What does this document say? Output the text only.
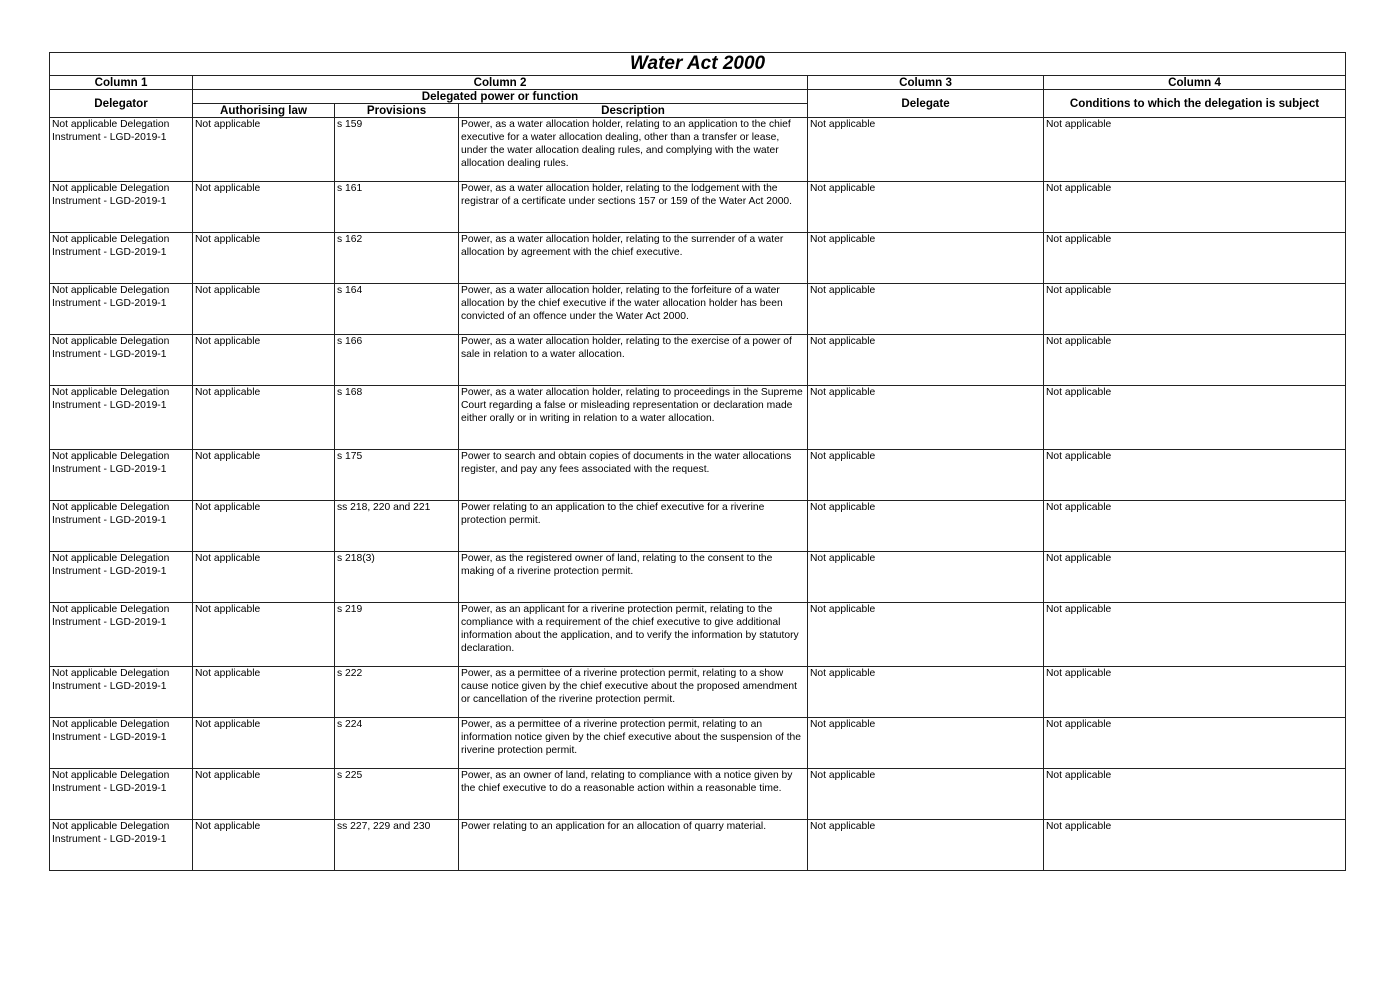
Water Act 2000					
Column 1	Column 2			Column 3	Column 4
Delegator	Delegated power or function			Delegate	Conditions to which the delegation is subject
	Authorising law	Provisions	Description		
Not applicable Delegation Instrument - LGD-2019-1	Not applicable	s 159	Power, as a water allocation holder, relating to an application to the chief executive for a water allocation dealing, other than a transfer or lease, under the water allocation dealing rules, and complying with the water allocation dealing rules.	Not applicable	Not applicable
Not applicable Delegation Instrument - LGD-2019-1	Not applicable	s 161	Power, as a water allocation holder, relating to the lodgement with the registrar of a certificate under sections 157 or 159 of the Water Act 2000.	Not applicable	Not applicable
Not applicable Delegation Instrument - LGD-2019-1	Not applicable	s 162	Power, as a water allocation holder, relating to the surrender of a water allocation by agreement with the chief executive.	Not applicable	Not applicable
Not applicable Delegation Instrument - LGD-2019-1	Not applicable	s 164	Power, as a water allocation holder, relating to the forfeiture of a water allocation by the chief executive if the water allocation holder has been convicted of an offence under the Water Act 2000.	Not applicable	Not applicable
Not applicable Delegation Instrument - LGD-2019-1	Not applicable	s 166	Power, as a water allocation holder, relating to the exercise of a power of sale in relation to a water allocation.	Not applicable	Not applicable
Not applicable Delegation Instrument - LGD-2019-1	Not applicable	s 168	Power, as a water allocation holder, relating to proceedings in the Supreme Court regarding a false or misleading representation or declaration made either orally or in writing in relation to a water allocation.	Not applicable	Not applicable
Not applicable Delegation Instrument - LGD-2019-1	Not applicable	s 175	Power to search and obtain copies of documents in the water allocations register, and pay any fees associated with the request.	Not applicable	Not applicable
Not applicable Delegation Instrument - LGD-2019-1	Not applicable	ss 218, 220 and 221	Power relating to an application to the chief executive for a riverine protection permit.	Not applicable	Not applicable
Not applicable Delegation Instrument - LGD-2019-1	Not applicable	s 218(3)	Power, as the registered owner of land, relating to the consent to the making of a riverine protection permit.	Not applicable	Not applicable
Not applicable Delegation Instrument - LGD-2019-1	Not applicable	s 219	Power, as an applicant for a riverine protection permit, relating to the compliance with a requirement of the chief executive to give additional information about the application, and to verify the information by statutory declaration.	Not applicable	Not applicable
Not applicable Delegation Instrument - LGD-2019-1	Not applicable	s 222	Power, as a permittee of a riverine protection permit, relating to a show cause notice given by the chief executive about the proposed amendment or cancellation of the riverine protection permit.	Not applicable	Not applicable
Not applicable Delegation Instrument - LGD-2019-1	Not applicable	s 224	Power, as a permittee of a riverine protection permit, relating to an information notice given by the chief executive about the suspension of the riverine protection permit.	Not applicable	Not applicable
Not applicable Delegation Instrument - LGD-2019-1	Not applicable	s 225	Power, as an owner of land, relating to compliance with a notice given by the chief executive to do a reasonable action within a reasonable time.	Not applicable	Not applicable
Not applicable Delegation Instrument - LGD-2019-1	Not applicable	ss 227, 229 and 230	Power relating to an application for an allocation of quarry material.	Not applicable	Not applicable
